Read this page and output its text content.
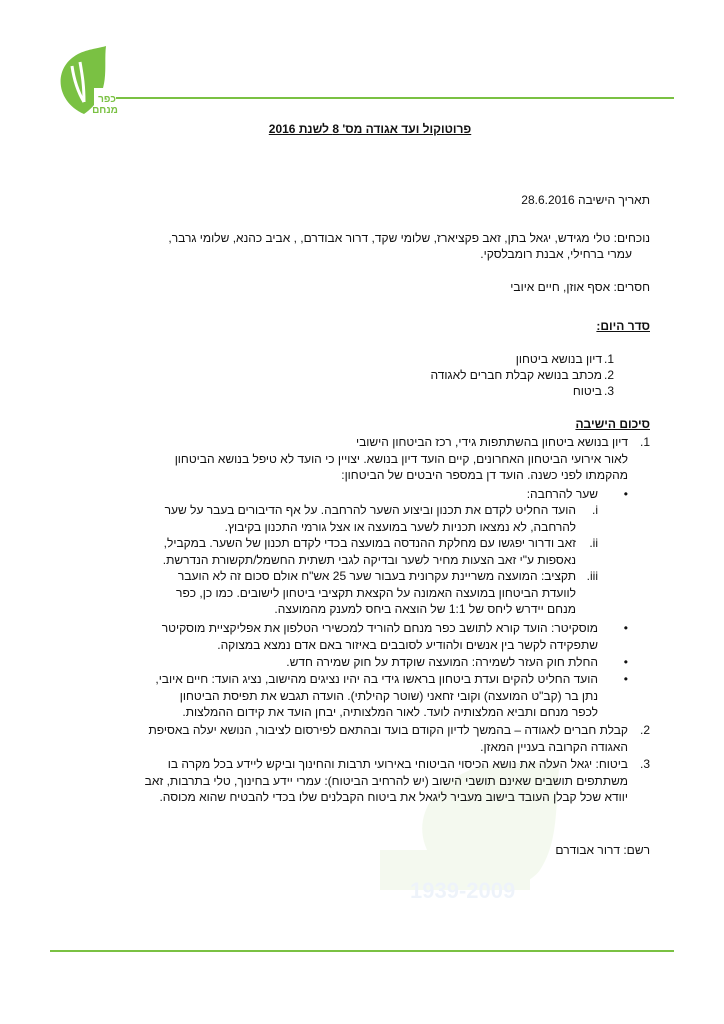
כפר
מנחם
1939-2009
פרוטוקול ועד אגודה מס' 8 לשנת 2016
תאריך הישיבה 28.6.2016
נוכחים: טלי מגידש, יגאל בתן, זאב פקציארז, שלומי שקד, דרור אבודרם, , אביב כהנא, שלומי גרבר,
עמרי ברחילי, אבנת רומבלסקי.
חסרים: אסף אוזן, חיים איובי
סדר היום:
1.
דיון בנושא ביטחון
2.
מכתב בנושא קבלת חברים לאגודה
3.
ביטוח
סיכום הישיבה
1.
דיון בנושא ביטחון בהשתתפות גידי, רכז הביטחון הישובי
לאור אירועי הביטחון האחרונים, קיים הועד דיון בנושא. יצויין כי הועד לא טיפל בנושא הביטחון
מהקמתו לפני כשנה. הועד דן במספר היבטים של הביטחון:
•
שער להרחבה:
i.
הועד החליט לקדם את תכנון וביצוע השער להרחבה. על אף הדיבורים בעבר על שער
להרחבה, לא נמצאו תכניות לשער במועצה או אצל גורמי התכנון בקיבוץ.
ii.
זאב ודרור יפגשו עם מחלקת ההנדסה במועצה בכדי לקדם תכנון של השער. במקביל,
נאספות ע"י זאב הצעות מחיר לשער ובדיקה לגבי תשתית החשמל/תקשורת הנדרשת.
iii.
תקציב: המועצה משריינת עקרונית בעבור שער 25 אש"ח אולם סכום זה לא הועבר
לוועדת הביטחון במועצה האמונה על הקצאת תקציבי ביטחון לישובים. כמו כן, כפר
מנחם יידרש ליחס של 1:1 של הוצאה ביחס למענק מהמועצה.
•
מוסקיטר: הועד קורא לתושב כפר מנחם להוריד למכשירי הטלפון את אפליקציית מוסקיטר
שתפקידה לקשר בין אנשים ולהודיע לסובבים באיזור באם אדם נמצא במצוקה.
•
החלת חוק העזר לשמירה: המועצה שוקדת על חוק שמירה חדש.
•
הועד החליט להקים ועדת ביטחון בראשו גידי בה יהיו נציגים מהישוב, נציג הועד: חיים איובי,
נתן בר (קב"ט המועצה) וקובי זחאני (שוטר קהילתי). הועדה תגבש את תפיסת הביטחון
לכפר מנחם ותביא המלצותיה לועד. לאור המלצותיה, יבחן הועד את קידום ההמלצות.
2.
קבלת חברים לאגודה – בהמשך לדיון הקודם בועד ובהתאם לפירסום לציבור, הנושא יעלה באסיפת
האגודה הקרובה בעניין המאזן.
3.
ביטוח: יגאל העלה את נושא הכיסוי הביטוחי באירועי תרבות והחינוך וביקש ליידע בכל מקרה בו
משתתפים תושבים שאינם תושבי הישוב (יש להרחיב הביטוח): עמרי יידע בחינוך, טלי בתרבות, זאב
יוודא שכל קבלן העובד בישוב מעביר ליגאל את ביטוח הקבלנים שלו בכדי להבטיח שהוא מכוסה.
רשם: דרור אבודרם
